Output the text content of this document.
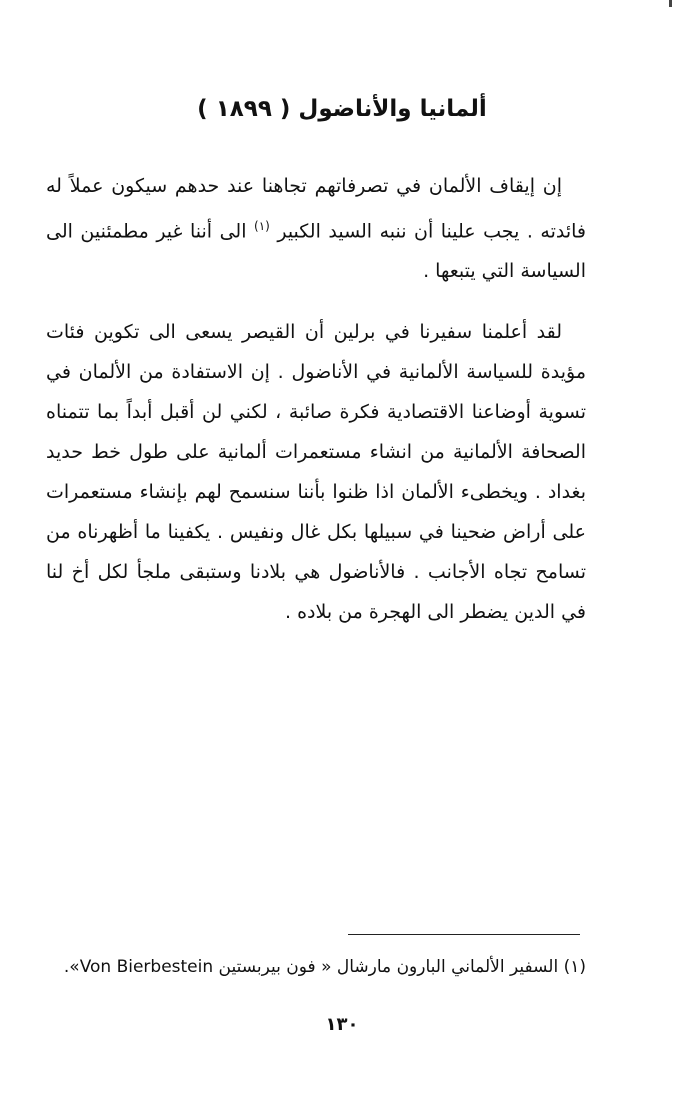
ألمانيا والأناضول ( ١٨٩٩ )

إن إيقاف الألمان في تصرفاتهم تجاهنا عند حدهم سيكون عملاً له فائدته . يجب علينا أن ننبه السيد الكبير $^{(١)}$ الى أننا غير مطمئنين الى السياسة التي يتبعها .

لقد أعلمنا سفيرنا في برلين أن القيصر يسعى الى تكوين فئات مؤيدة للسياسة الألمانية في الأناضول . إن الاستفادة من الألمان في تسوية أوضاعنا الاقتصادية فكرة صائبة ، لكني لن أقبل أبداً بما تتمناه الصحافة الألمانية من انشاء مستعمرات ألمانية على طول خط حديد بغداد . ويخطىء الألمان اذا ظنوا بأننا سنسمح لهم بإنشاء مستعمرات على أراض ضحينا في سبيلها بكل غال ونفيس . يكفينا ما أظهرناه من تسامح تجاه الأجانب . فالأناضول هي بلادنا وستبقى ملجأ لكل أخ لنا في الدين يضطر الى الهجرة من بلاده .

(١) السفير الألماني البارون مارشال « فون بيربستين Von Bierbestein».
١٣٠
